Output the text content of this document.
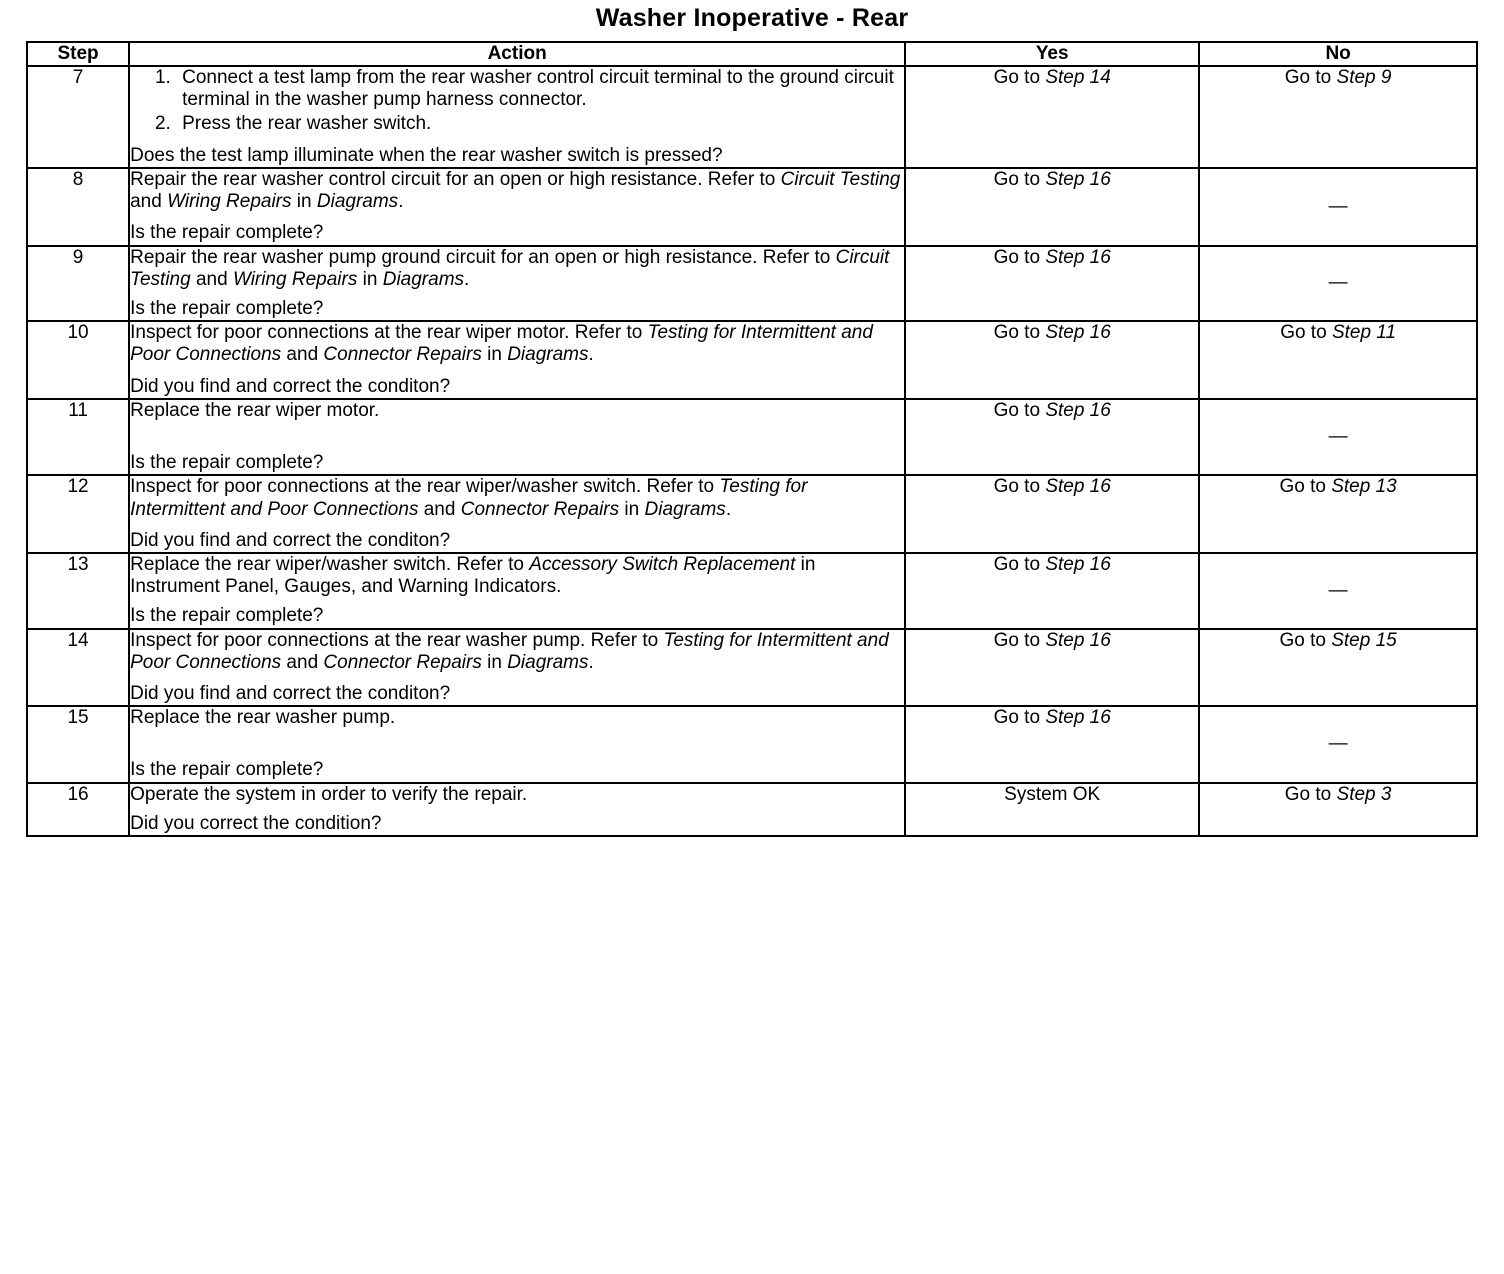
Washer Inoperative - Rear
Step	Action	Yes	No
7	
1.Connect a test lamp from the rear washer control circuit terminal to the ground circuit terminal in the washer pump harness connector.
2. Press the rear washer switch.
Does the test lamp illuminate when the rear washer switch is pressed?
	Go to Step 14	Go to Step 9
8	Repair the rear washer control circuit for an open or high resistance. Refer to Circuit Testing and Wiring Repairs in Diagrams.
Is the repair complete?	Go to Step 16	—
9	Repair the rear washer pump ground circuit for an open or high resistance. Refer to Circuit Testing and Wiring Repairs in Diagrams.
Is the repair complete?	Go to Step 16	—
10	Inspect for poor connections at the rear wiper motor. Refer to Testing for Intermittent and Poor Connections and Connector Repairs in Diagrams.
Did you find and correct the conditon?	Go to Step 16	Go to Step 11
11	Replace the rear wiper motor.
Is the repair complete?	Go to Step 16	—
12	Inspect for poor connections at the rear wiper/washer switch. Refer to Testing for Intermittent and Poor Connections and Connector Repairs in Diagrams.
Did you find and correct the conditon?	Go to Step 16	Go to Step 13
13	Replace the rear wiper/washer switch. Refer to Accessory Switch Replacement in Instrument Panel, Gauges, and Warning Indicators.
Is the repair complete?	Go to Step 16	—
14	Inspect for poor connections at the rear washer pump. Refer to Testing for Intermittent and Poor Connections and Connector Repairs in Diagrams.
Did you find and correct the conditon?	Go to Step 16	Go to Step 15
15	Replace the rear washer pump.
Is the repair complete?	Go to Step 16	—
16	Operate the system in order to verify the repair.
Did you correct the condition?	System OK	Go to Step 3
